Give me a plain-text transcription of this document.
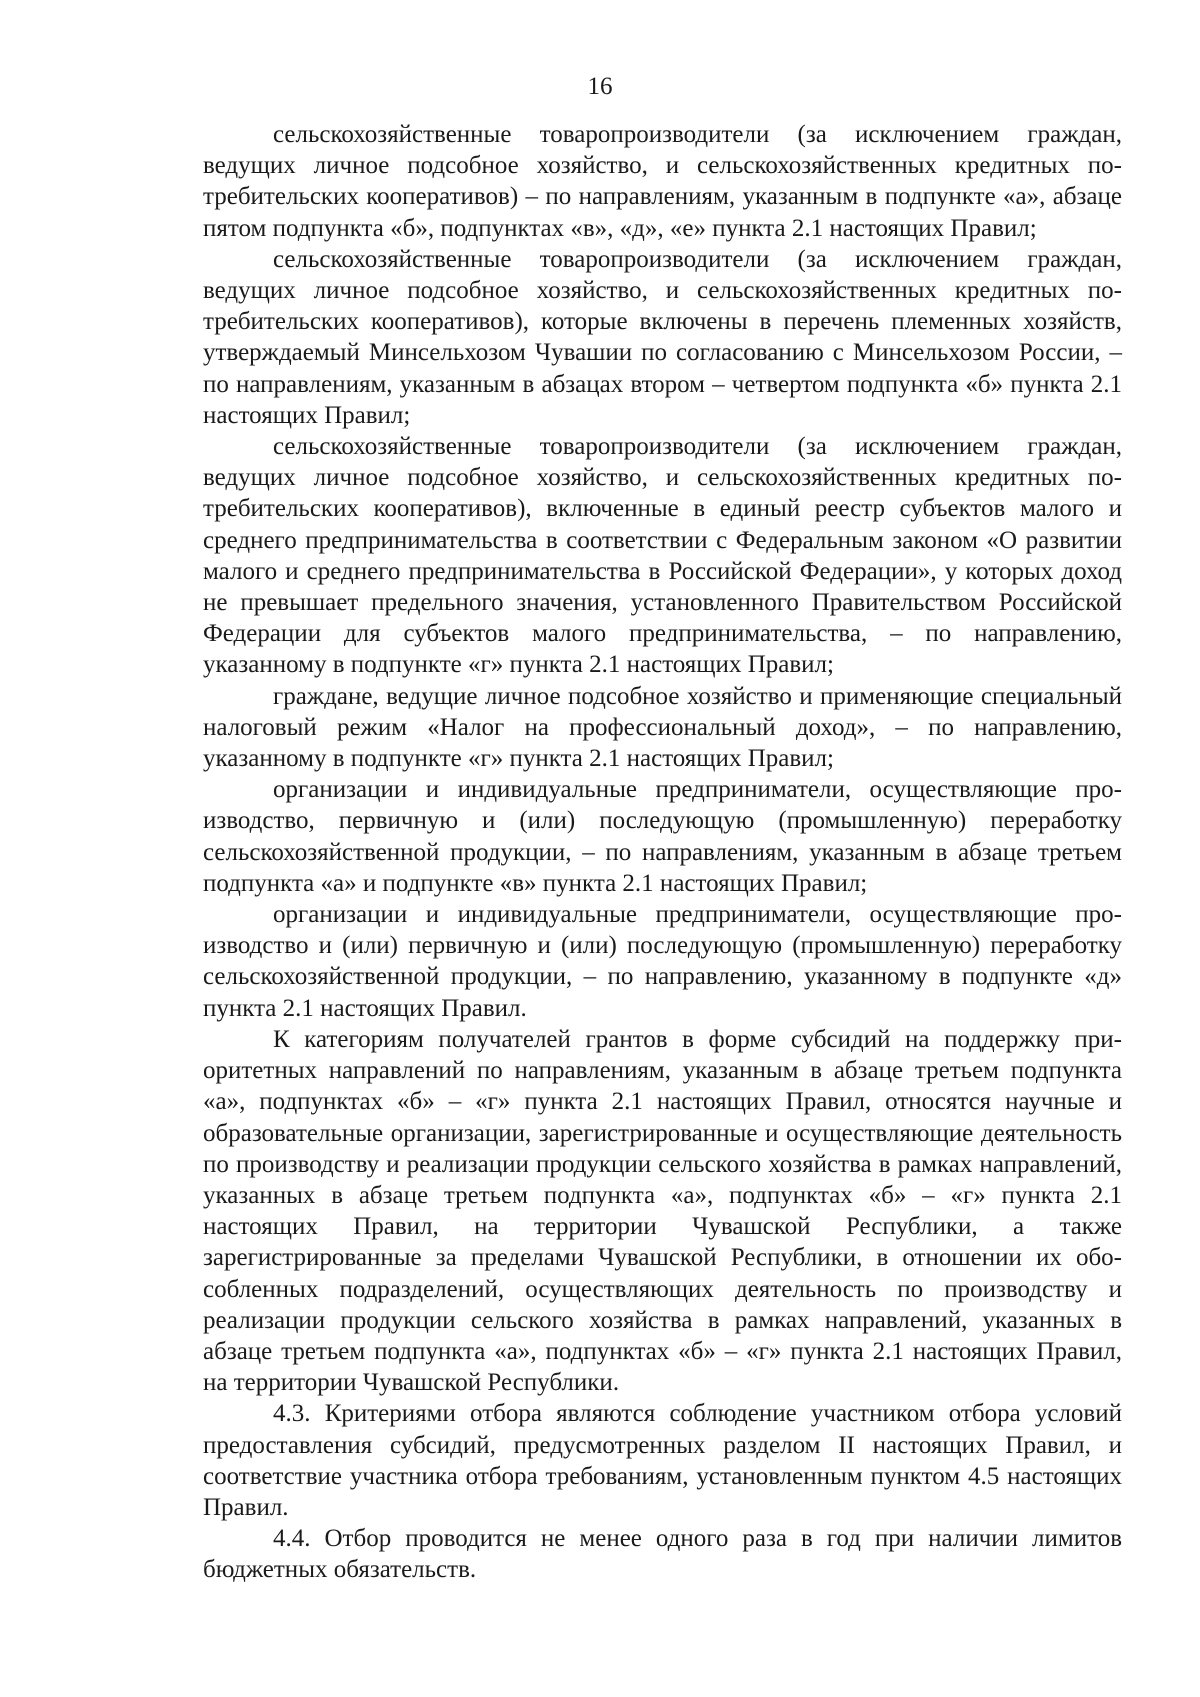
16

сельскохозяйственные товаропроизводители (за исключением граждан, ведущих личное подсобное хозяйство, и сельскохозяйственных кредитных потребительских кооперативов) – по направлениям, указанным в подпункте «а», абзаце пятом подпункта «б», подпунктах «в», «д», «е» пункта 2.1 настоящих Правил;

сельскохозяйственные товаропроизводители (за исключением граждан, ведущих личное подсобное хозяйство, и сельскохозяйственных кредитных потребительских кооперативов), которые включены в перечень племенных хозяйств, утверждаемый Минсельхозом Чувашии по согласованию с Минсельхозом России, – по направлениям, указанным в абзацах втором – четвертом подпункта «б» пункта 2.1 настоящих Правил;

сельскохозяйственные товаропроизводители (за исключением граждан, ведущих личное подсобное хозяйство, и сельскохозяйственных кредитных потребительских кооперативов), включенные в единый реестр субъектов малого и среднего предпринимательства в соответствии с Федеральным законом «О развитии малого и среднего предпринимательства в Российской Федерации», у которых доход не превышает предельного значения, установленного Правительством Российской Федерации для субъектов малого предпринимательства, – по направлению, указанному в подпункте «г» пункта 2.1 настоящих Правил;

граждане, ведущие личное подсобное хозяйство и применяющие специальный налоговый режим «Налог на профессиональный доход», – по направлению, указанному в подпункте «г» пункта 2.1 настоящих Правил;

организации и индивидуальные предприниматели, осуществляющие производство, первичную и (или) последующую (промышленную) переработку сельскохозяйственной продукции, – по направлениям, указанным в абзаце третьем подпункта «а» и подпункте «в» пункта 2.1 настоящих Правил;

организации и индивидуальные предприниматели, осуществляющие производство и (или) первичную и (или) последующую (промышленную) переработку сельскохозяйственной продукции, – по направлению, указанному в подпункте «д» пункта 2.1 настоящих Правил.

К категориям получателей грантов в форме субсидий на поддержку приоритетных направлений по направлениям, указанным в абзаце третьем подпункта «а», подпунктах «б» – «г» пункта 2.1 настоящих Правил, относятся научные и образовательные организации, зарегистрированные и осуществляющие деятельность по производству и реализации продукции сельского хозяйства в рамках направлений, указанных в абзаце третьем подпункта «а», подпунктах «б» – «г» пункта 2.1 настоящих Правил, на территории Чувашской Республики, а также зарегистрированные за пределами Чувашской Республики, в отношении их обособленных подразделений, осуществляющих деятельность по производству и реализации продукции сельского хозяйства в рамках направлений, указанных в абзаце третьем подпункта «а», подпунктах «б» – «г» пункта 2.1 настоящих Правил, на территории Чувашской Республики.

4.3. Критериями отбора являются соблюдение участником отбора условий предоставления субсидий, предусмотренных разделом II настоящих Правил, и соответствие участника отбора требованиям, установленным пунктом 4.5 настоящих Правил.

4.4. Отбор проводится не менее одного раза в год при наличии лимитов бюджетных обязательств.
